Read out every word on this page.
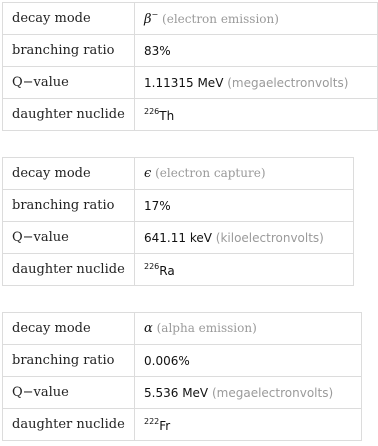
decay mode	β− (electron emission)
branching ratio	83%
Q−value	1.11315 MeV (megaelectronvolts)
daughter nuclide	$^{226}$Th
decay mode	ϵ (electron capture)
branching ratio	17%
Q−value	641.11 keV (kiloelectronvolts)
daughter nuclide	$^{226}$Ra
decay mode	α (alpha emission)
branching ratio	0.006%
Q−value	5.536 MeV (megaelectronvolts)
daughter nuclide	$^{222}$Fr
